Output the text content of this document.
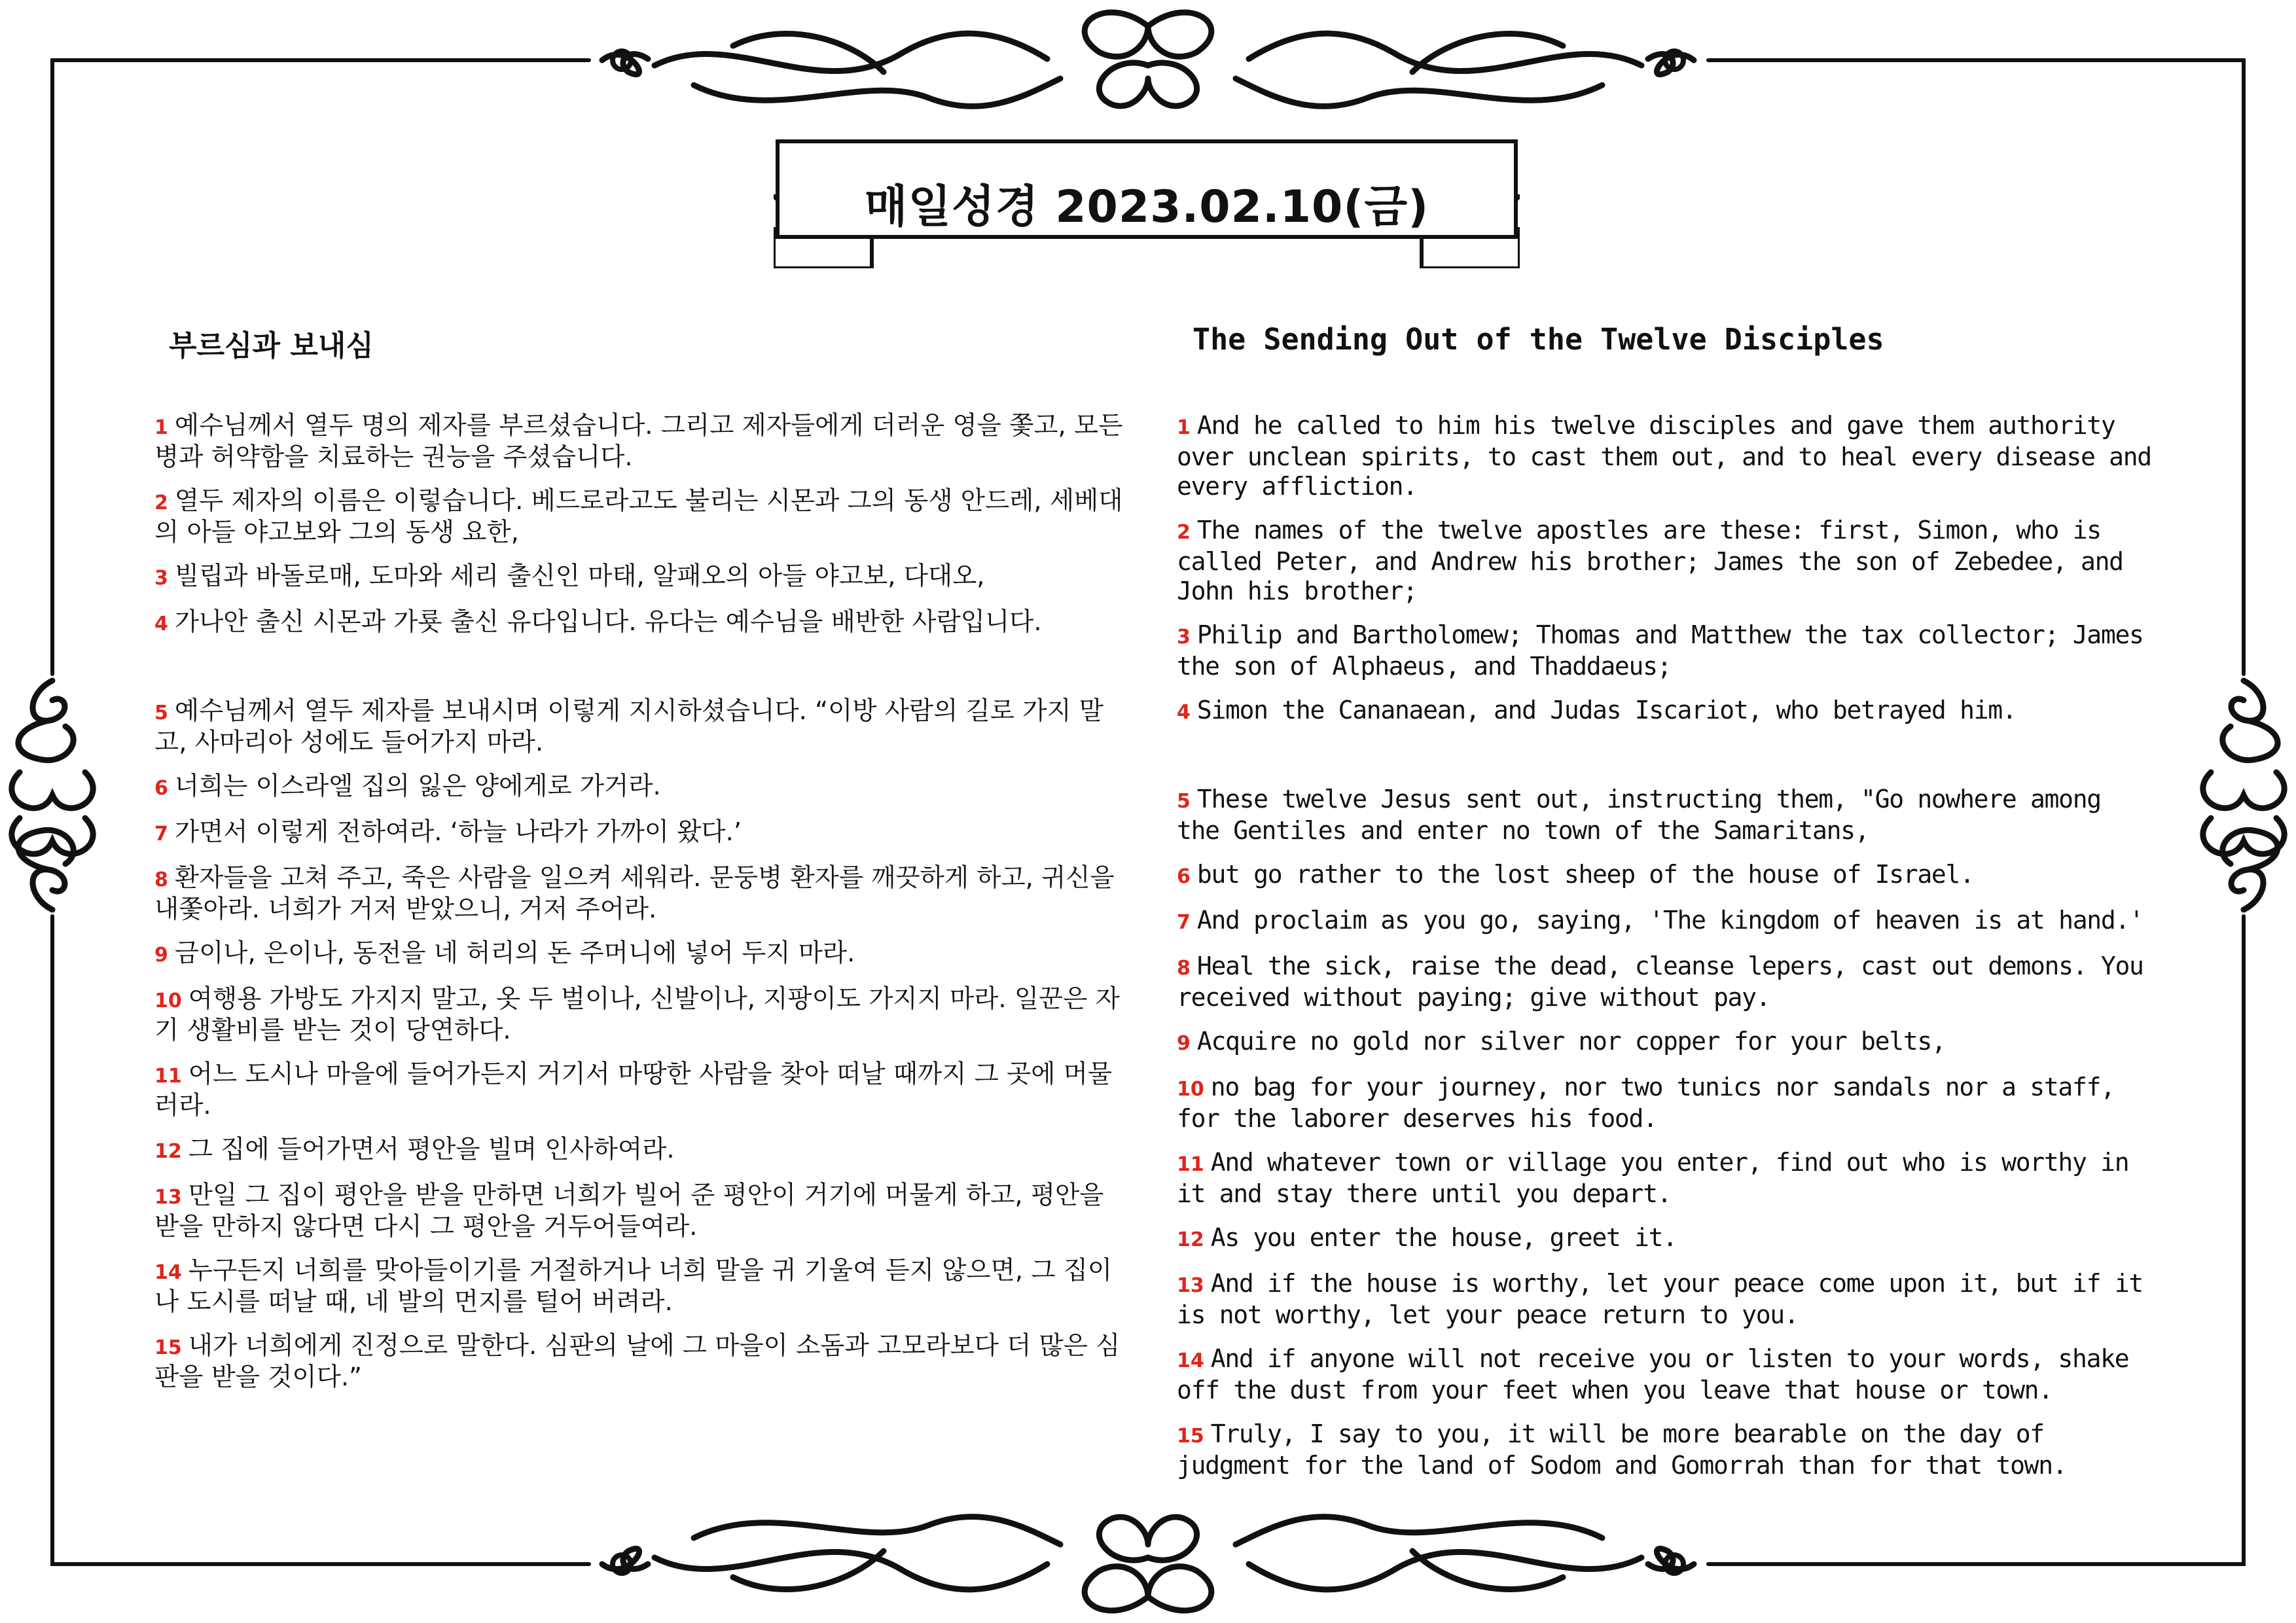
매일성경 2023.02.10(금)
부르심과 보내심	The Sending Out of the Twelve Disciples

1 예수님께서 열두 명의 제자를 부르셨습니다. 그리고 제자들에게 더러운 영을 쫓고, 모든 병과 허약함을 치료하는 권능을 주셨습니다.

2 열두 제자의 이름은 이렇습니다. 베드로라고도 불리는 시몬과 그의 동생 안드레, 세베대의 아들 야고보와 그의 동생 요한,

3 빌립과 바돌로매, 도마와 세리 출신인 마태, 알패오의 아들 야고보, 다대오,

4 가나안 출신 시몬과 가룟 출신 유다입니다. 유다는 예수님을 배반한 사람입니다.

5 예수님께서 열두 제자를 보내시며 이렇게 지시하셨습니다. “이방 사람의 길로 가지 말고, 사마리아 성에도 들어가지 마라.

6 너희는 이스라엘 집의 잃은 양에게로 가거라.

7 가면서 이렇게 전하여라. ‘하늘 나라가 가까이 왔다.’

8 환자들을 고쳐 주고, 죽은 사람을 일으켜 세워라. 문둥병 환자를 깨끗하게 하고, 귀신을 내쫓아라. 너희가 거저 받았으니, 거저 주어라.

9 금이나, 은이나, 동전을 네 허리의 돈 주머니에 넣어 두지 마라.

10 여행용 가방도 가지지 말고, 옷 두 벌이나, 신발이나, 지팡이도 가지지 마라. 일꾼은 자기 생활비를 받는 것이 당연하다.

11 어느 도시나 마을에 들어가든지 거기서 마땅한 사람을 찾아 떠날 때까지 그 곳에 머물러라.

12 그 집에 들어가면서 평안을 빌며 인사하여라.

13 만일 그 집이 평안을 받을 만하면 너희가 빌어 준 평안이 거기에 머물게 하고, 평안을 받을 만하지 않다면 다시 그 평안을 거두어들여라.

14 누구든지 너희를 맞아들이기를 거절하거나 너희 말을 귀 기울여 듣지 않으면, 그 집이나 도시를 떠날 때, 네 발의 먼지를 털어 버려라.

15 내가 너희에게 진정으로 말한다. 심판의 날에 그 마을이 소돔과 고모라보다 더 많은 심판을 받을 것이다.”

1 And he called to him his twelve disciples and gave them authority over unclean spirits, to cast them out, and to heal every disease and every affliction.

2 The names of the twelve apostles are these: first, Simon, who is called Peter, and Andrew his brother; James the son of Zebedee, and John his brother;

3 Philip and Bartholomew; Thomas and Matthew the tax collector; James the son of Alphaeus, and Thaddaeus;

4 Simon the Cananaean, and Judas Iscariot, who betrayed him.

5 These twelve Jesus sent out, instructing them, "Go nowhere among the Gentiles and enter no town of the Samaritans,

6 but go rather to the lost sheep of the house of Israel.

7 And proclaim as you go, saying, 'The kingdom of heaven is at hand.'

8 Heal the sick, raise the dead, cleanse lepers, cast out demons. You received without paying; give without pay.

9 Acquire no gold nor silver nor copper for your belts,

10 no bag for your journey, nor two tunics nor sandals nor a staff, for the laborer deserves his food.

11 And whatever town or village you enter, find out who is worthy in it and stay there until you depart.

12 As you enter the house, greet it.

13 And if the house is worthy, let your peace come upon it, but if it is not worthy, let your peace return to you.

14 And if anyone will not receive you or listen to your words, shake off the dust from your feet when you leave that house or town.

15 Truly, I say to you, it will be more bearable on the day of judgment for the land of Sodom and Gomorrah than for that town.
